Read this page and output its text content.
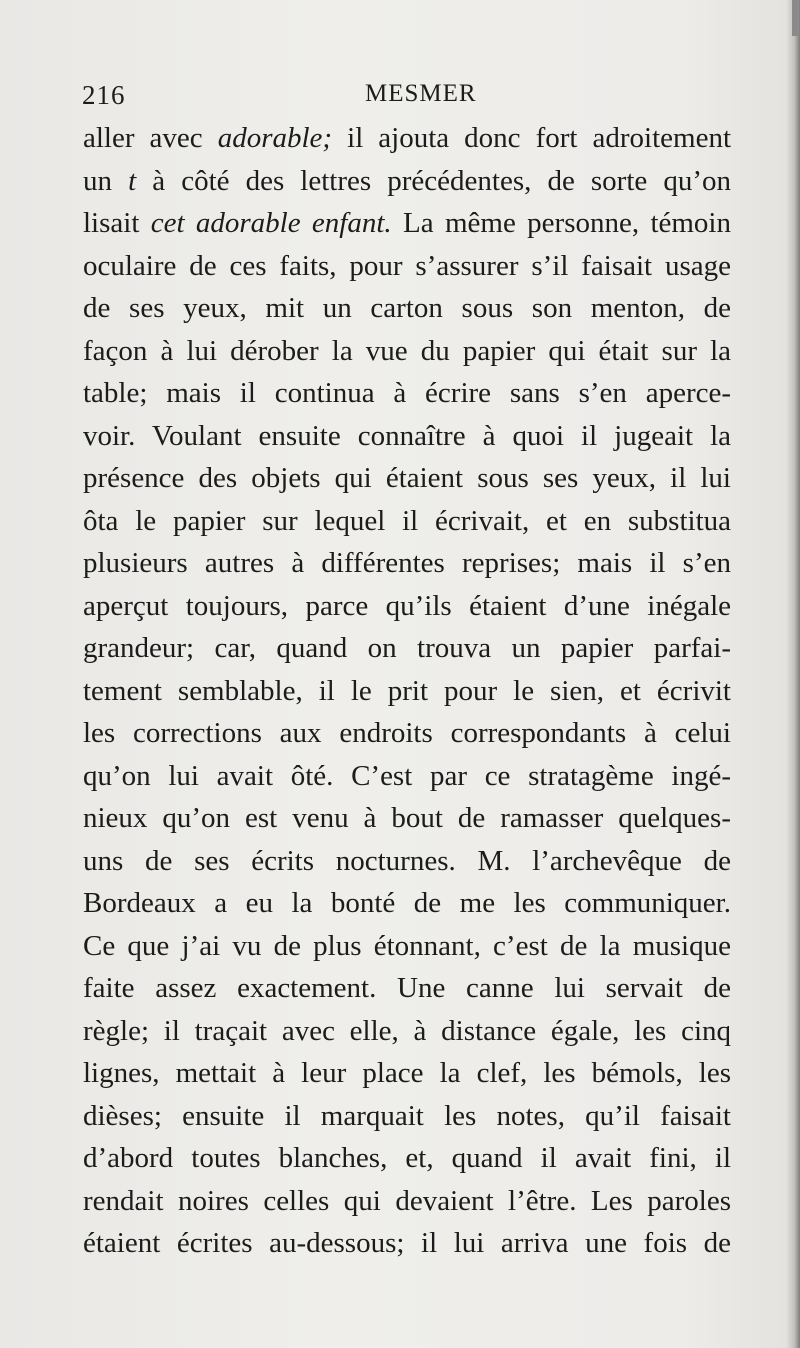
216	MESMER
aller avec adorable; il ajouta donc fort adroitement
un t à côté des lettres précédentes, de sorte qu’on
lisait cet adorable enfant. La même personne, témoin
oculaire de ces faits, pour s’assurer s’il faisait usage
de ses yeux, mit un carton sous son menton, de
façon à lui dérober la vue du papier qui était sur la
table; mais il continua à écrire sans s’en aperce-
voir. Voulant ensuite connaître à quoi il jugeait la
présence des objets qui étaient sous ses yeux, il lui
ôta le papier sur lequel il écrivait, et en substitua
plusieurs autres à différentes reprises; mais il s’en
aperçut toujours, parce qu’ils étaient d’une inégale
grandeur; car, quand on trouva un papier parfai-
tement semblable, il le prit pour le sien, et écrivit
les corrections aux endroits correspondants à celui
qu’on lui avait ôté. C’est par ce stratagème ingé-
nieux qu’on est venu à bout de ramasser quelques-
uns de ses écrits nocturnes. M. l’archevêque de
Bordeaux a eu la bonté de me les communiquer.
Ce que j’ai vu de plus étonnant, c’est de la musique
faite assez exactement. Une canne lui servait de
règle; il traçait avec elle, à distance égale, les cinq
lignes, mettait à leur place la clef, les bémols, les
dièses; ensuite il marquait les notes, qu’il faisait
d’abord toutes blanches, et, quand il avait fini, il
rendait noires celles qui devaient l’être. Les paroles
étaient écrites au-dessous; il lui arriva une fois de
